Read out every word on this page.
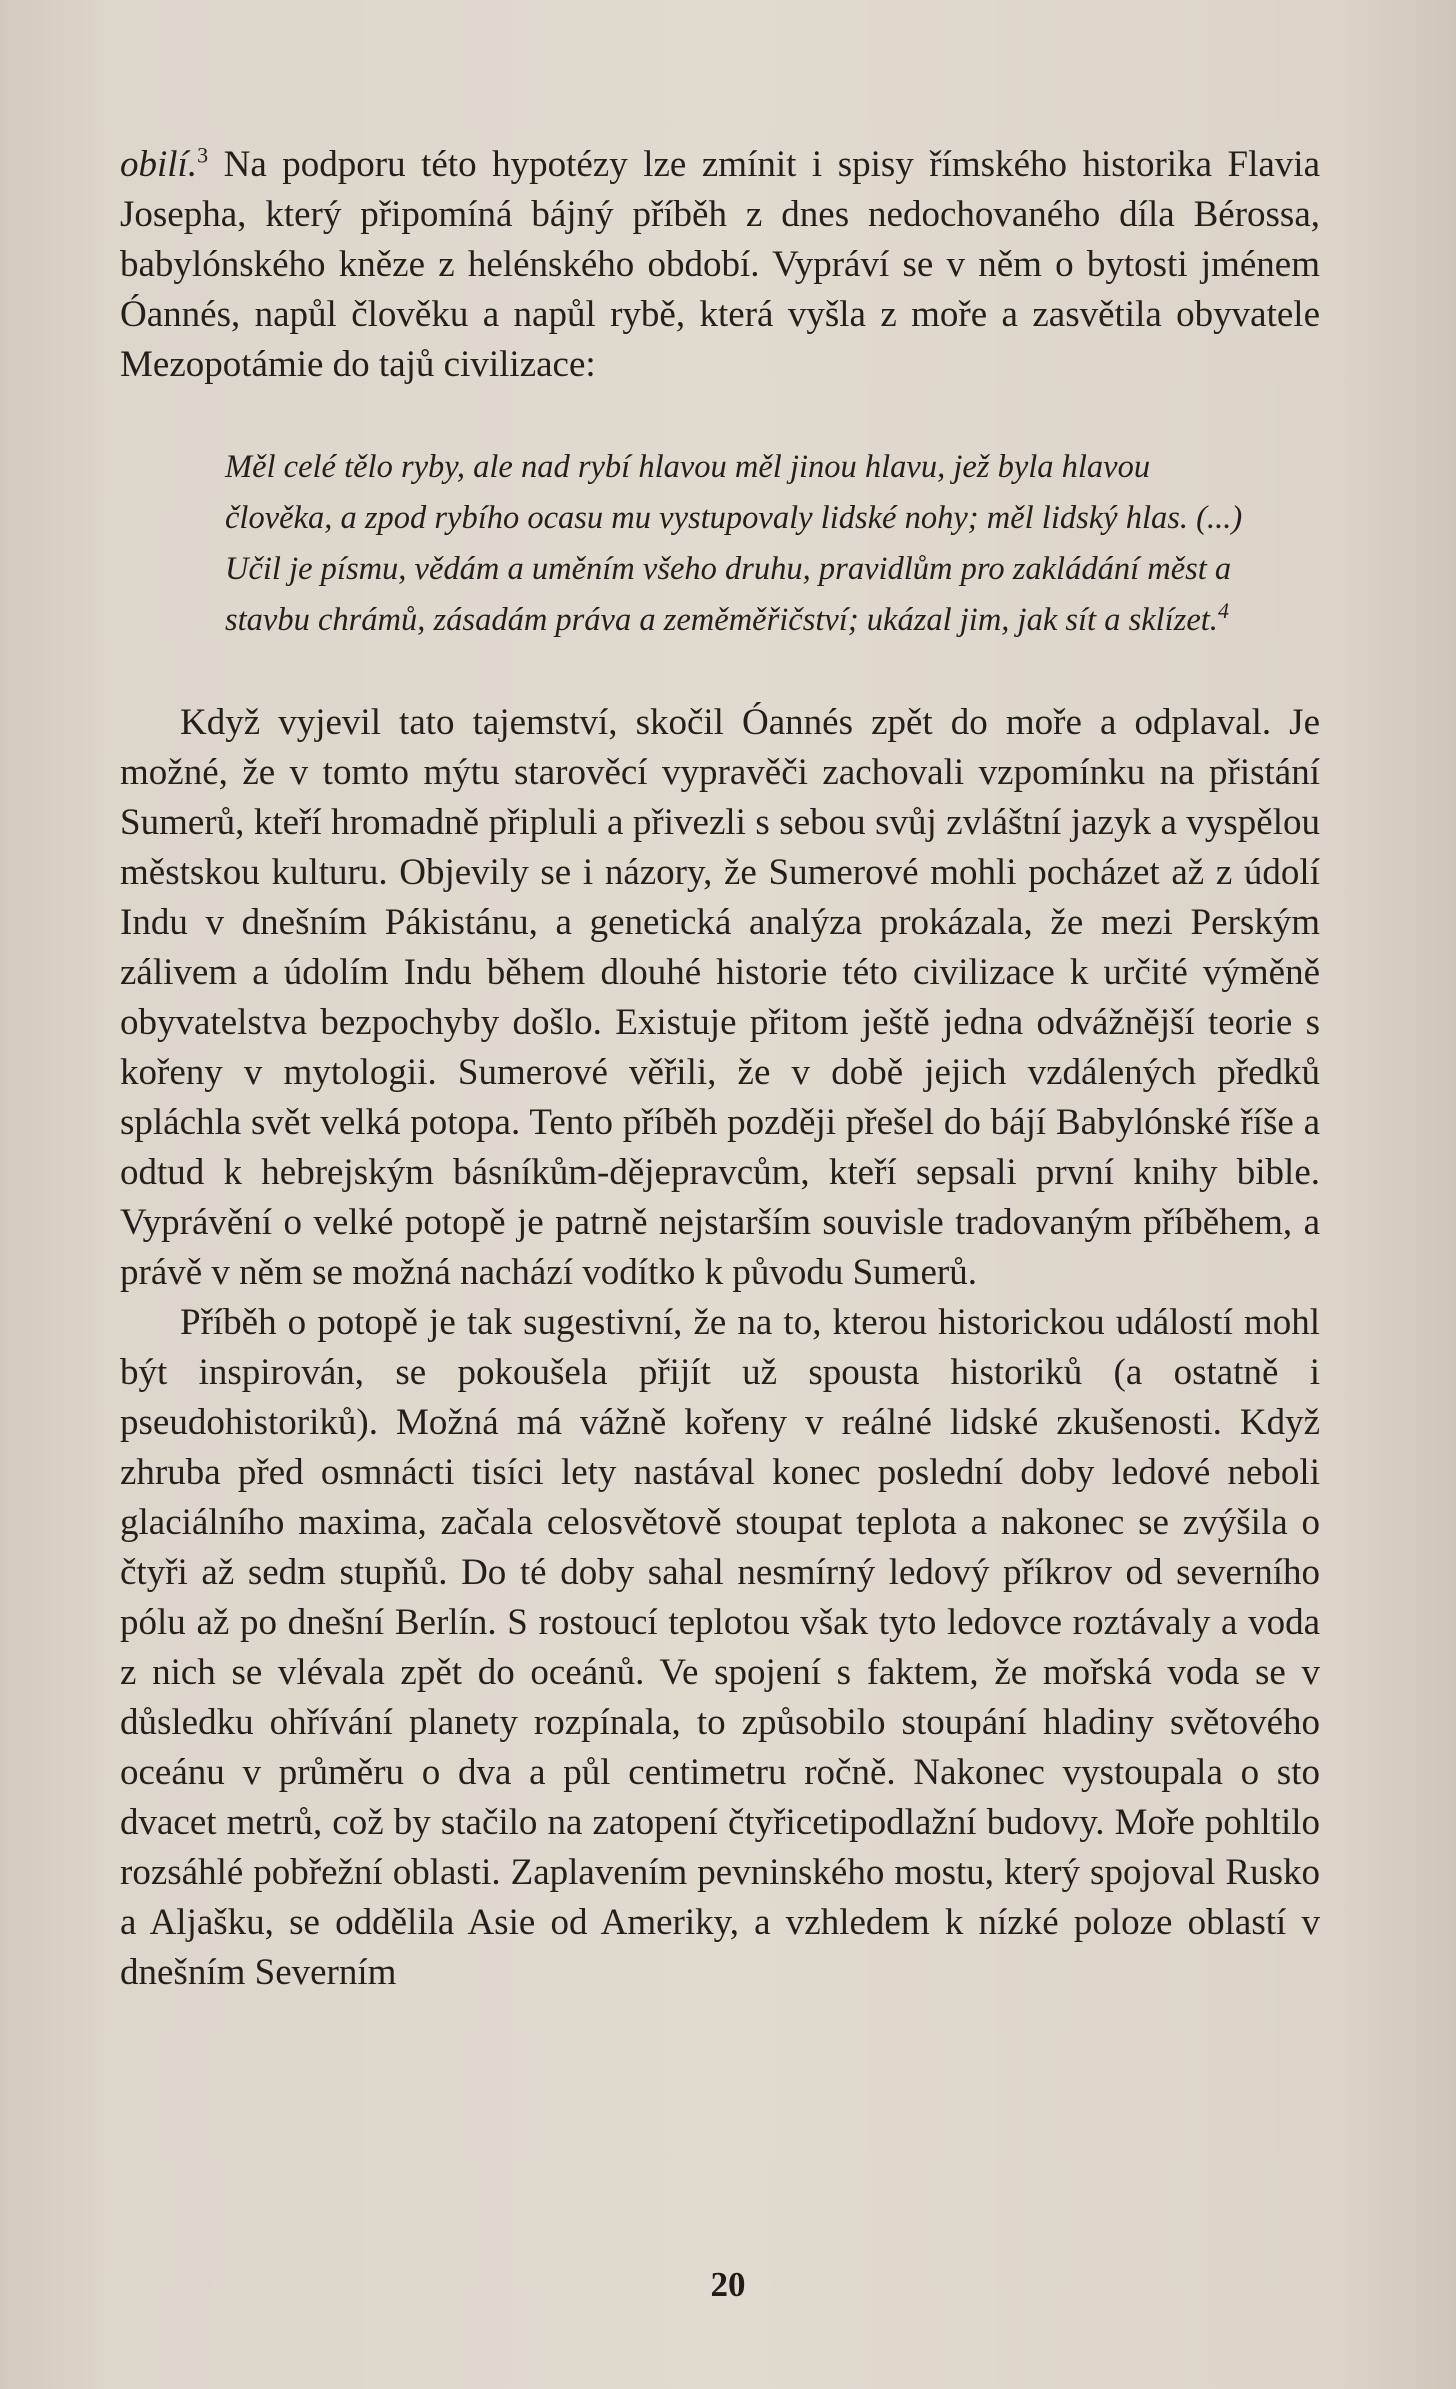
obilí.$^3$ Na podporu této hypotézy lze zmínit i spisy římského historika Flavia Josepha, který připomíná bájný příběh z dnes nedochovaného díla Bérossa, babylónského kněze z helénského období. Vypráví se v něm o bytosti jménem Óannés, napůl člověku a napůl rybě, která vyšla z moře a zasvětila obyvatele Mezopotámie do tajů civilizace:

Měl celé tělo ryby, ale nad rybí hlavou měl jinou hlavu, jež byla hlavou člověka, a zpod rybího ocasu mu vystupovaly lidské nohy; měl lidský hlas. (...) Učil je písmu, vědám a uměním všeho druhu, pravidlům pro zakládání měst a stavbu chrámů, zásadám práva a zeměměřičství; ukázal jim, jak sít a sklízet.$^4$

Když vyjevil tato tajemství, skočil Óannés zpět do moře a odplaval. Je možné, že v tomto mýtu starověcí vypravěči zachovali vzpomínku na přistání Sumerů, kteří hromadně připluli a přivezli s sebou svůj zvláštní jazyk a vyspělou městskou kulturu. Objevily se i názory, že Sumerové mohli pocházet až z údolí Indu v dnešním Pákistánu, a genetická analýza prokázala, že mezi Perským zálivem a údolím Indu během dlouhé historie této civilizace k určité výměně obyvatelstva bezpochyby došlo. Existuje přitom ještě jedna odvážnější teorie s kořeny v mytologii. Sumerové věřili, že v době jejich vzdálených předků spláchla svět velká potopa. Tento příběh později přešel do bájí Babylónské říše a odtud k hebrejským básníkům-dějepravcům, kteří sepsali první knihy bible. Vyprávění o velké potopě je patrně nejstarším souvisle tradovaným příběhem, a právě v něm se možná nachází vodítko k původu Sumerů.

Příběh o potopě je tak sugestivní, že na to, kterou historickou událostí mohl být inspirován, se pokoušela přijít už spousta historiků (a ostatně i pseudohistoriků). Možná má vážně kořeny v reálné lidské zkušenosti. Když zhruba před osmnácti tisíci lety nastával konec poslední doby ledové neboli glaciálního maxima, začala celosvětově stoupat teplota a nakonec se zvýšila o čtyři až sedm stupňů. Do té doby sahal nesmírný ledový příkrov od severního pólu až po dnešní Berlín. S rostoucí teplotou však tyto ledovce roztávaly a voda z nich se vlévala zpět do oceánů. Ve spojení s faktem, že mořská voda se v důsledku ohřívání planety rozpínala, to způsobilo stoupání hladiny světového oceánu v průměru o dva a půl centimetru ročně. Nakonec vystoupala o sto dvacet metrů, což by stačilo na zatopení čtyřicetipodlažní budovy. Moře pohltilo rozsáhlé pobřežní oblasti. Zaplavením pevninského mostu, který spojoval Rusko a Aljašku, se oddělila Asie od Ameriky, a vzhledem k nízké poloze oblastí v dnešním Severním

20
